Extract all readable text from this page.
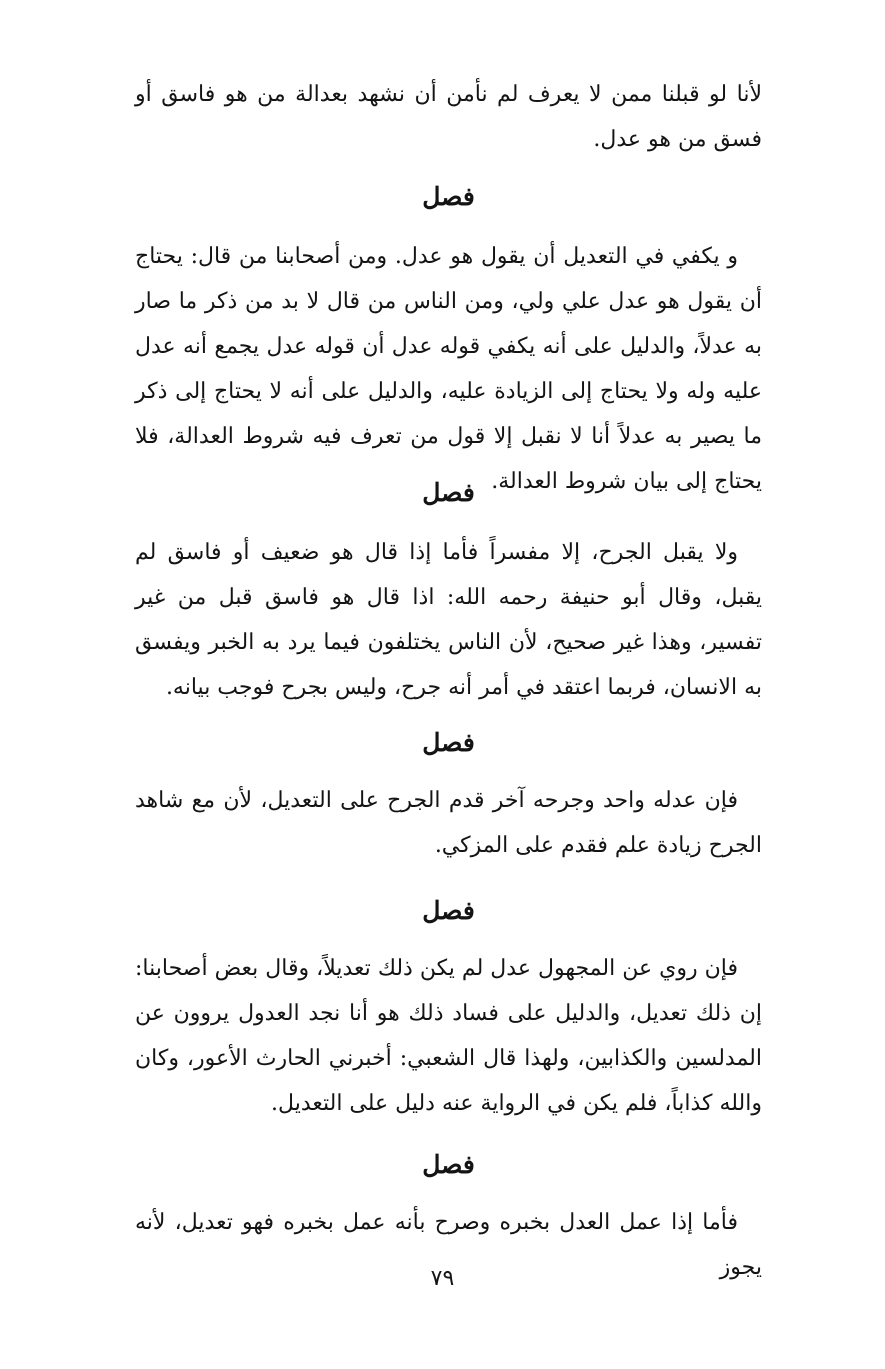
لأنا لو قبلنا ممن لا يعرف لم نأمن أن نشهد بعدالة من هو فاسق أو فسق من هو عدل.

فصل

و يكفي في التعديل أن يقول هو عدل. ومن أصحابنا من قال: يحتاج أن يقول هو عدل علي ولي، ومن الناس من قال لا بد من ذكر ما صار به عدلاً، والدليل على أنه يكفي قوله عدل أن قوله عدل يجمع أنه عدل عليه وله ولا يحتاج إلى الزيادة عليه، والدليل على أنه لا يحتاج إلى ذكر ما يصير به عدلاً أنا لا نقبل إلا قول من تعرف فيه شروط العدالة، فلا يحتاج إلى بيان شروط العدالة.

فصل

ولا يقبل الجرح، إلا مفسراً فأما إذا قال هو ضعيف أو فاسق لم يقبل، وقال أبو حنيفة رحمه الله: اذا قال هو فاسق قبل من غير تفسير، وهذا غير صحيح، لأن الناس يختلفون فيما يرد به الخبر ويفسق به الانسان، فربما اعتقد في أمر أنه جرح، وليس بجرح فوجب بيانه.

فصل

فإن عدله واحد وجرحه آخر قدم الجرح على التعديل، لأن مع شاهد الجرح زيادة علم فقدم على المزكي.

فصل

فإن روي عن المجهول عدل لم يكن ذلك تعديلاً، وقال بعض أصحابنا: إن ذلك تعديل، والدليل على فساد ذلك هو أنا نجد العدول يروون عن المدلسين والكذابين، ولهذا قال الشعبي: أخبرني الحارث الأعور، وكان والله كذاباً، فلم يكن في الرواية عنه دليل على التعديل.

فصل

فأما إذا عمل العدل بخبره وصرح بأنه عمل بخبره فهو تعديل، لأنه يجوز

٧٩
